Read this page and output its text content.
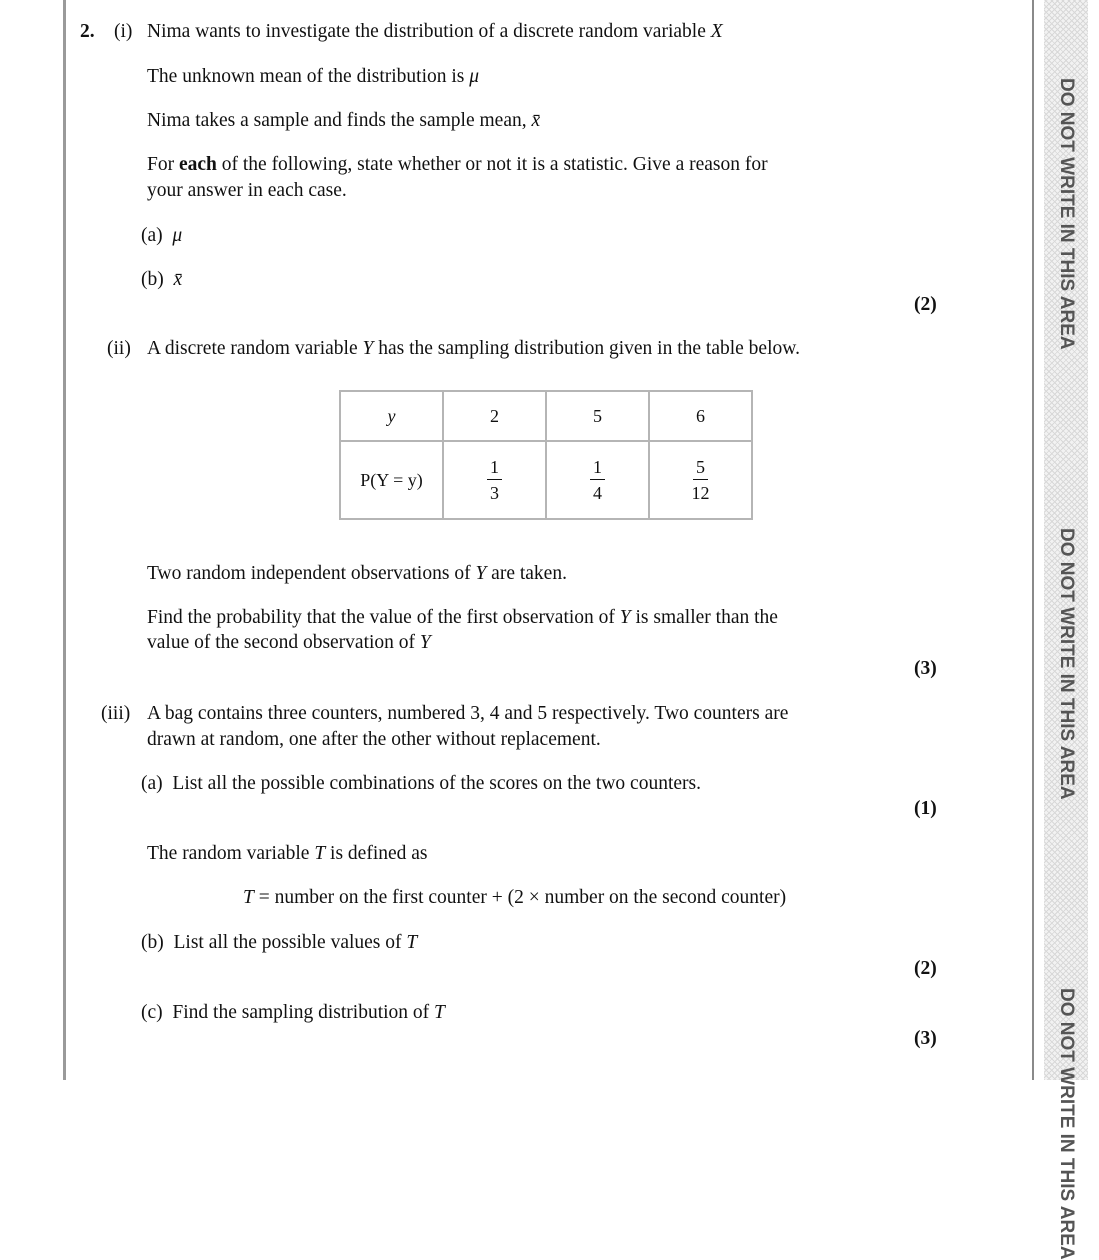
DO NOT WRITE IN THIS AREA
DO NOT WRITE IN THIS AREA
DO NOT WRITE IN THIS AREA
2. (i) Nima wants to investigate the distribution of a discrete random variable X
The unknown mean of the distribution is μ
Nima takes a sample and finds the sample mean, x̄
For each of the following, state whether or not it is a statistic. Give a reason for
your answer in each case.
(a) μ
(b) x̄
(2)
(ii) A discrete random variable Y has the sampling distribution given in the table below.
y	2	5	6
P(Y = y)	$\frac{1}{3}$	$\frac{1}{4}$	$\frac{5}{12}$
Two random independent observations of Y are taken.
Find the probability that the value of the first observation of Y is smaller than the
value of the second observation of Y
(3)
(iii) A bag contains three counters, numbered 3, 4 and 5 respectively. Two counters are
drawn at random, one after the other without replacement.
(a) List all the possible combinations of the scores on the two counters.
(1)
The random variable T is defined as
T = number on the first counter + (2 × number on the second counter)
(b) List all the possible values of T
(2)
(c) Find the sampling distribution of T
(3)
